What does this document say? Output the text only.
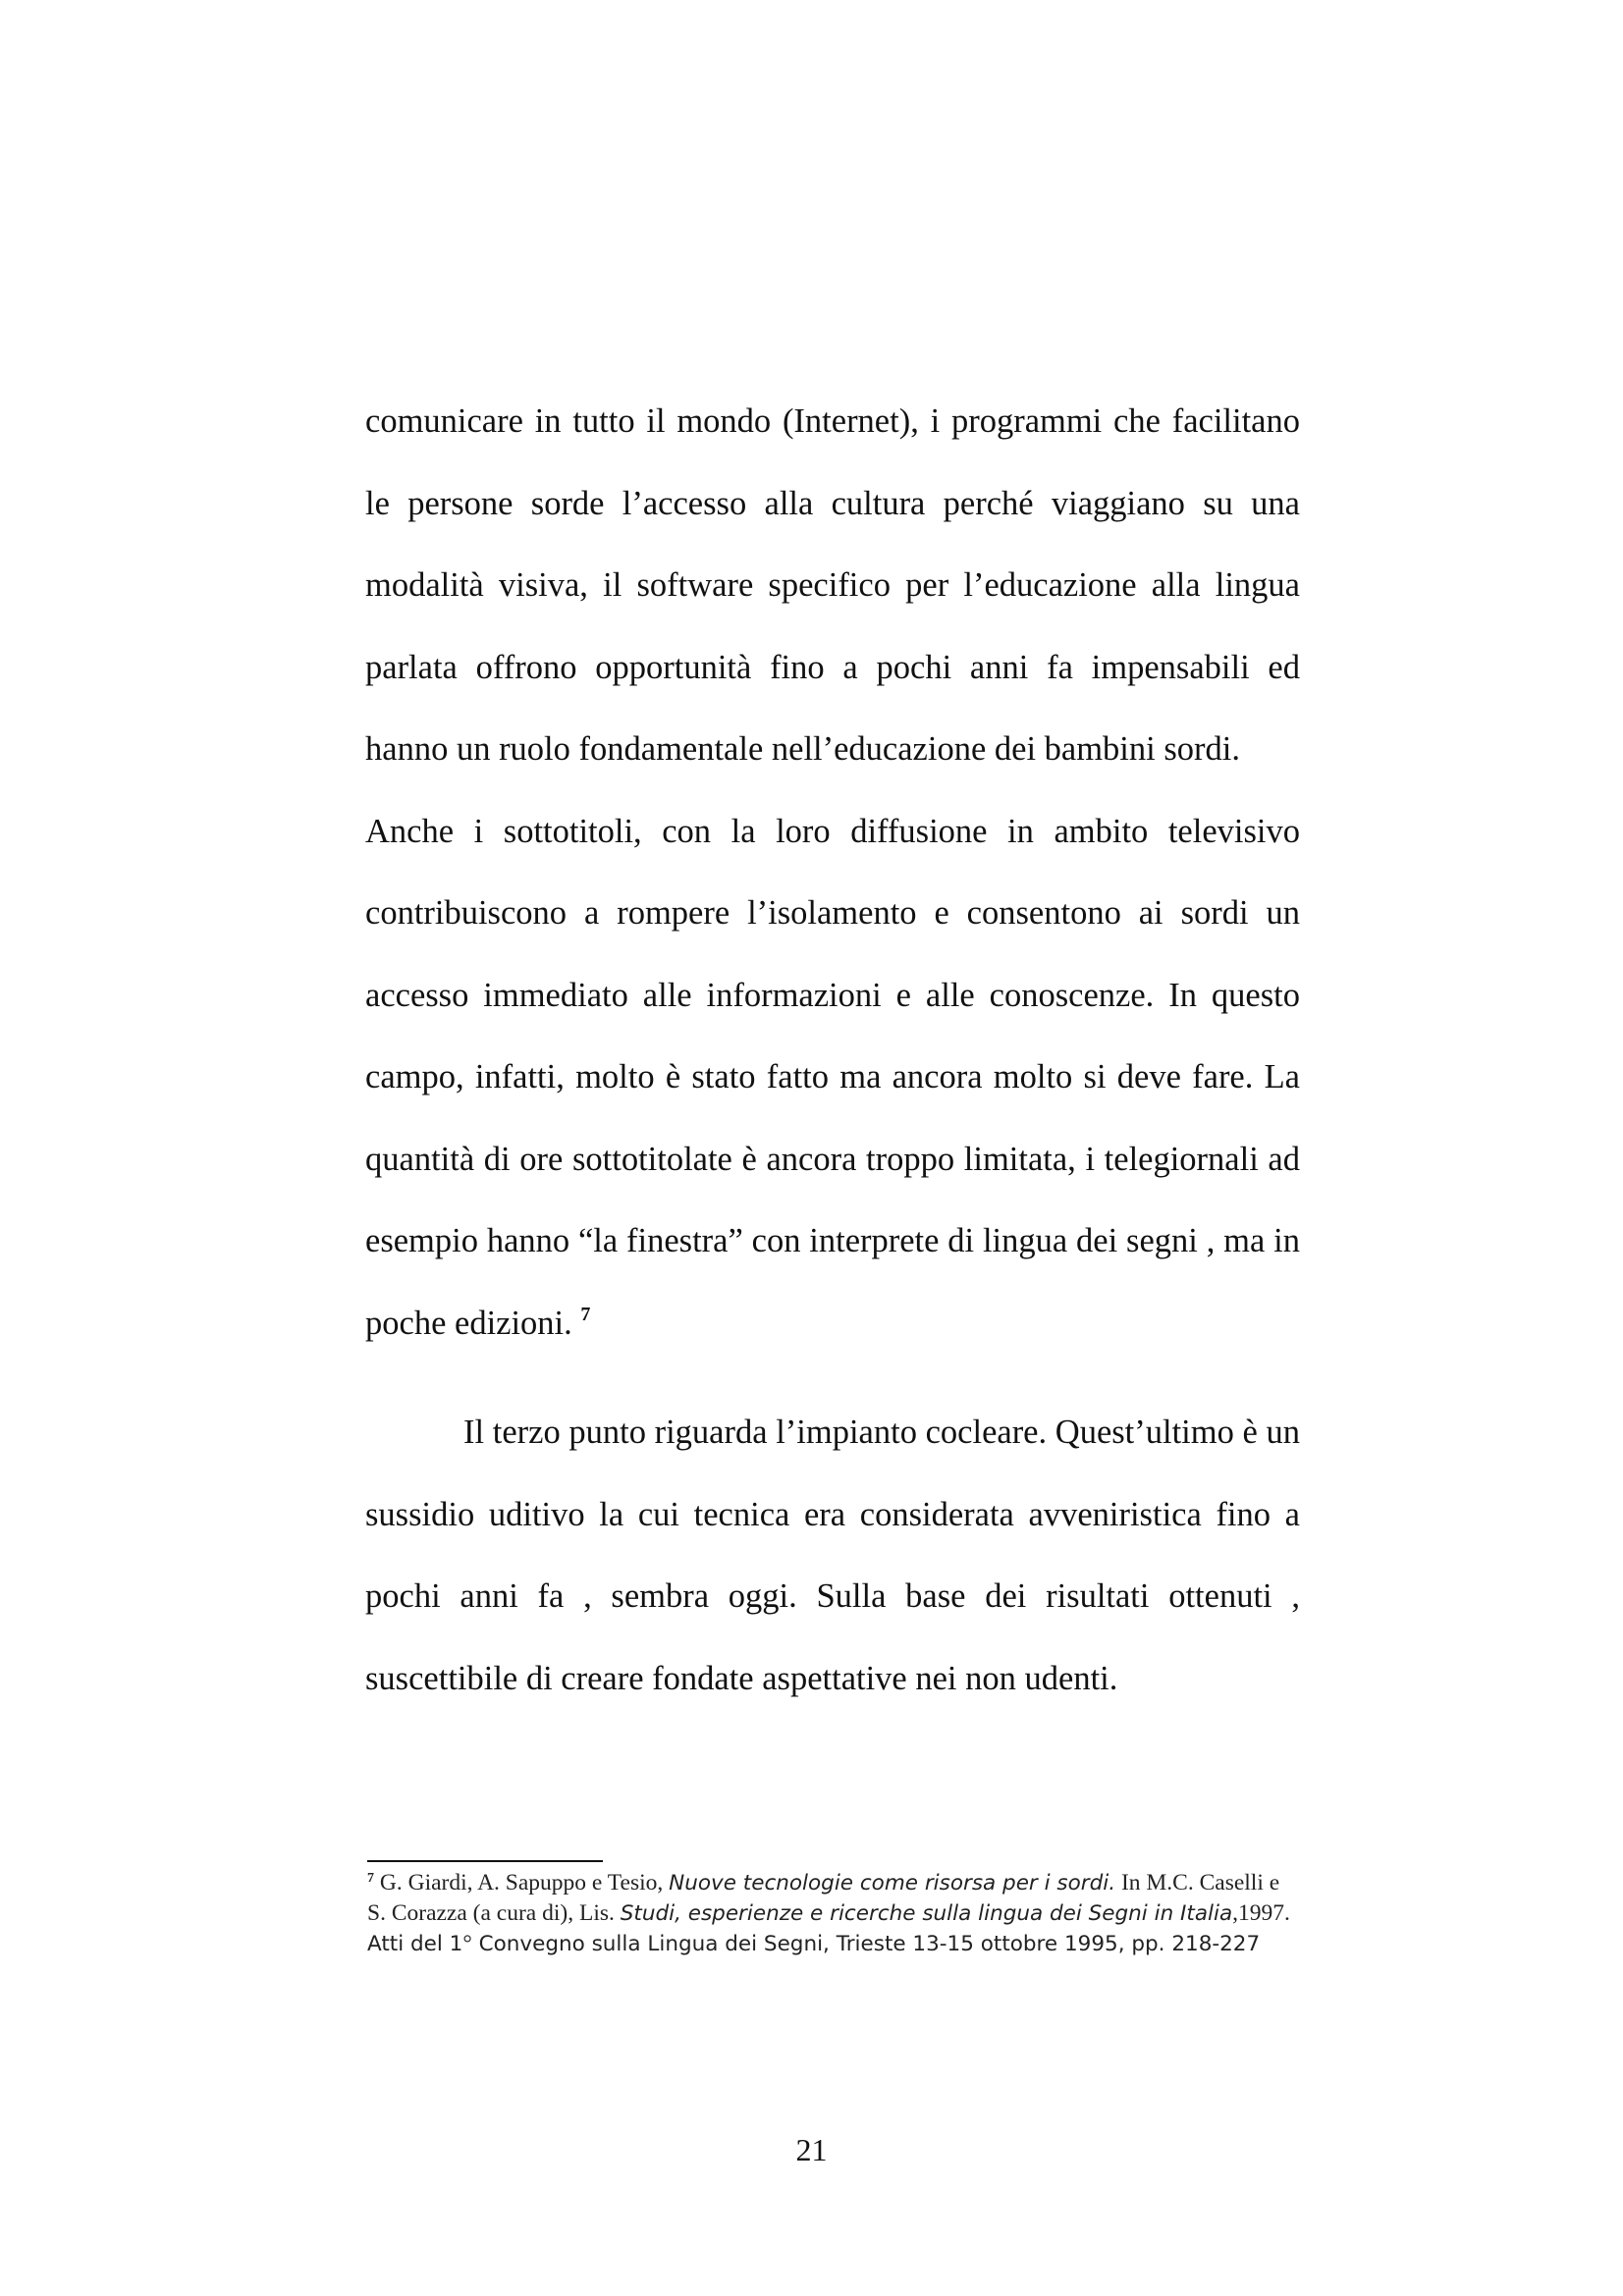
comunicare in tutto il mondo (Internet), i programmi che facilitano le persone sorde l’accesso alla cultura perché viaggiano su una modalità visiva, il software specifico per l’educazione alla lingua parlata offrono opportunità fino a pochi anni fa impensabili ed hanno un ruolo fondamentale nell’educazione dei bambini sordi.

Anche i sottotitoli, con la loro diffusione in ambito televisivo contribuiscono a rompere l’isolamento e consentono ai sordi un accesso immediato alle informazioni e alle conoscenze. In questo campo, infatti, molto è stato fatto ma ancora molto si deve fare. La quantità di ore sottotitolate è ancora troppo limitata, i telegiornali ad esempio hanno “la finestra” con interprete di lingua dei segni , ma in poche edizioni. $^7$

Il terzo punto riguarda l’impianto cocleare. Quest’ultimo è un sussidio uditivo la cui tecnica era considerata avveniristica fino a pochi anni fa , sembra oggi. Sulla base dei risultati ottenuti , suscettibile di creare fondate aspettative nei non udenti.

$^7$ G. Giardi, A. Sapuppo e Tesio, Nuove tecnologie come risorsa per i sordi. In M.C. Caselli e S. Corazza (a cura di), Lis. Studi, esperienze e ricerche sulla lingua dei Segni in Italia,1997. Atti del 1° Convegno sulla Lingua dei Segni, Trieste 13-15 ottobre 1995, pp. 218-227
21
